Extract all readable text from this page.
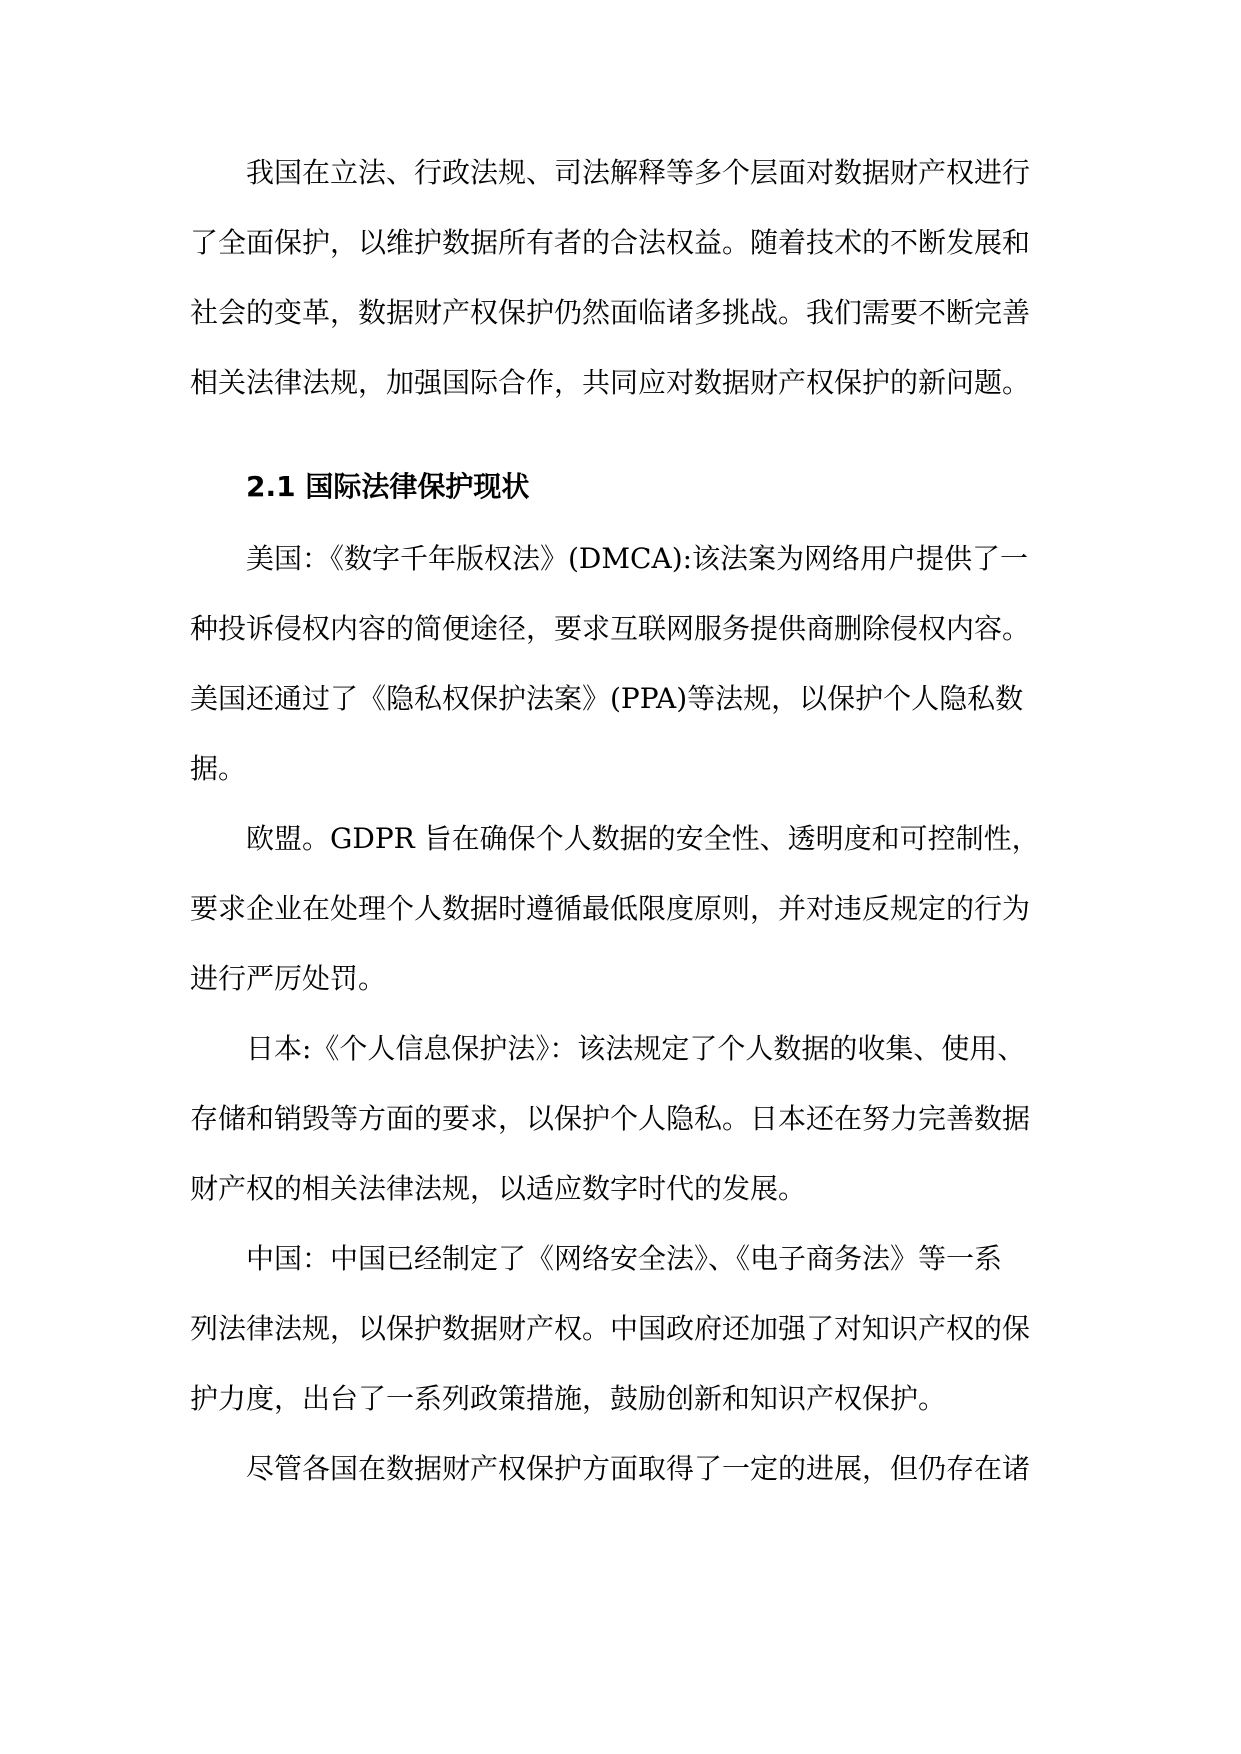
我国在立法、行政法规、司法解释等多个层面对数据财产权进行
了全面保护，以维护数据所有者的合法权益。随着技术的不断发展和
社会的变革，数据财产权保护仍然面临诸多挑战。我们需要不断完善
相关法律法规，加强国际合作，共同应对数据财产权保护的新问题。
2.1 国际法律保护现状
美国：《数字千年版权法》(DMCA):该法案为网络用户提供了一
种投诉侵权内容的简便途径，要求互联网服务提供商删除侵权内容。
美国还通过了《隐私权保护法案》(PPA)等法规，以保护个人隐私数
据。
欧盟。GDPR 旨在确保个人数据的安全性、透明度和可控制性，
要求企业在处理个人数据时遵循最低限度原则，并对违反规定的行为
进行严厉处罚。
日本:《个人信息保护法》：该法规定了个人数据的收集、使用、
存储和销毁等方面的要求，以保护个人隐私。日本还在努力完善数据
财产权的相关法律法规，以适应数字时代的发展。
中国：中国已经制定了《网络安全法》、《电子商务法》等一系
列法律法规，以保护数据财产权。中国政府还加强了对知识产权的保
护力度，出台了一系列政策措施，鼓励创新和知识产权保护。
尽管各国在数据财产权保护方面取得了一定的进展，但仍存在诸
